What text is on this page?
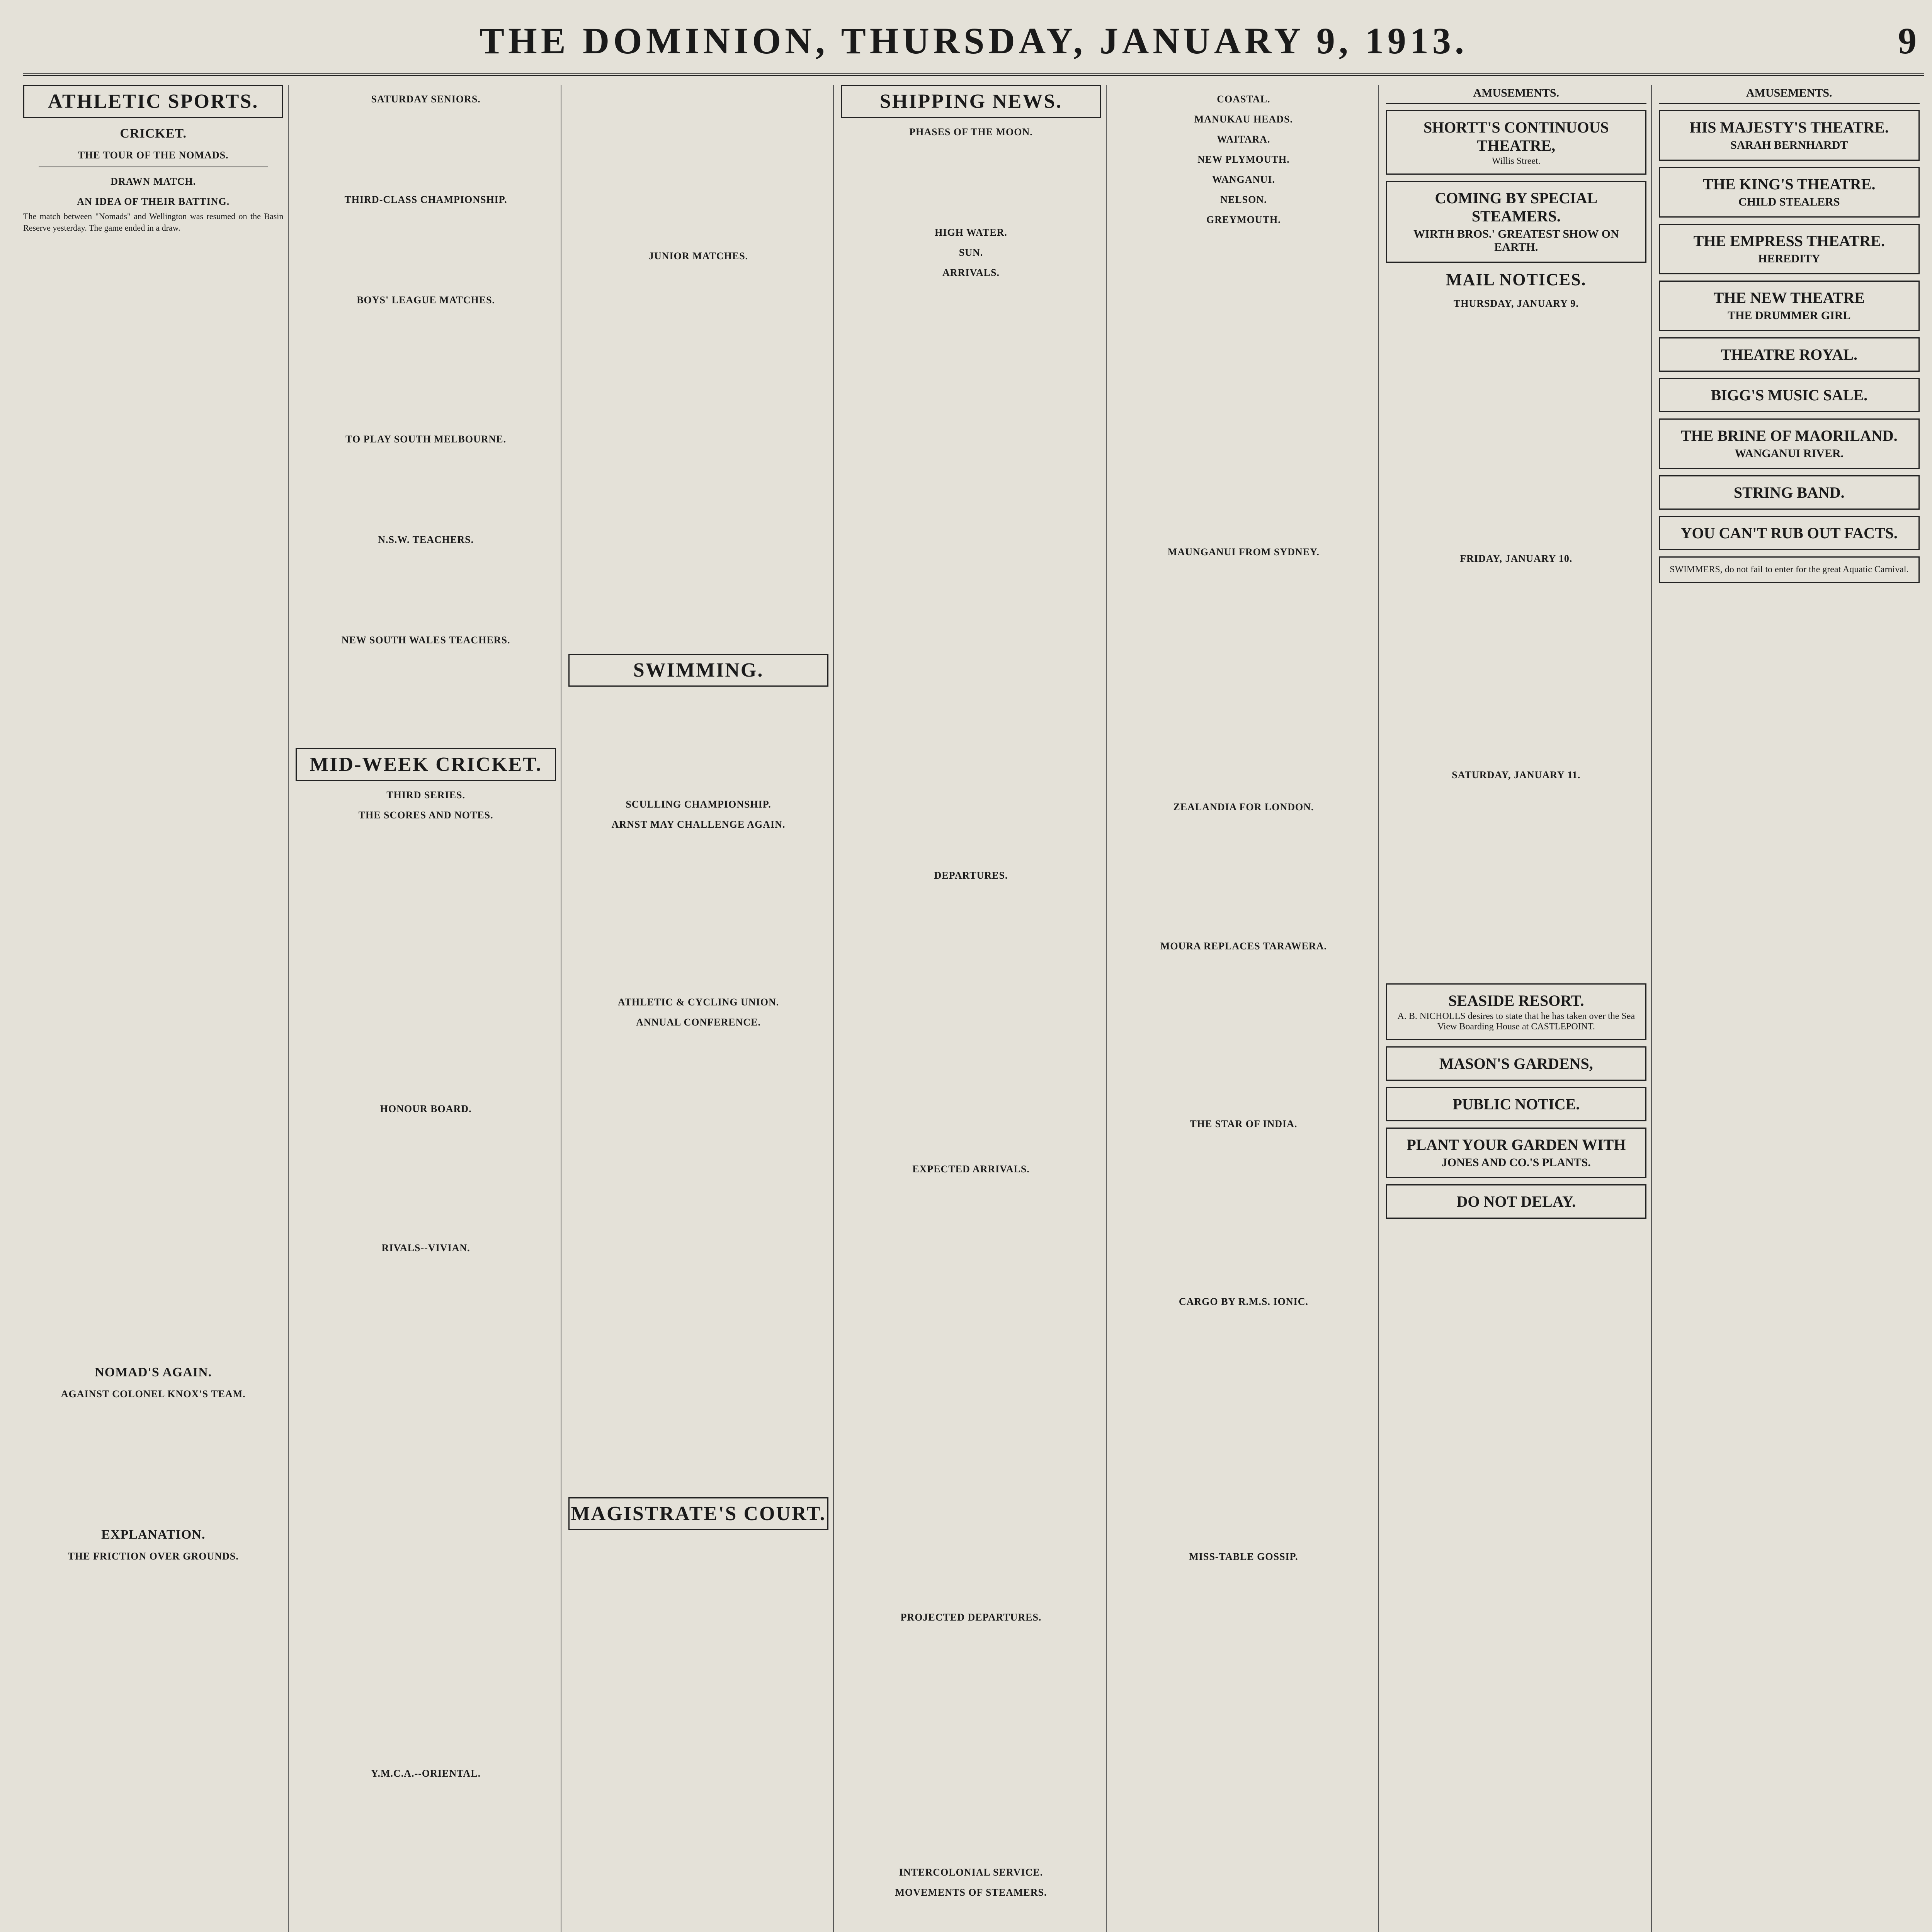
THE DOMINION, THURSDAY, JANUARY 9, 1913.	9
ATHLETIC SPORTS.
CRICKET.
THE TOUR OF THE NOMADS.
DRAWN MATCH.
AN IDEA OF THEIR BATTING.
The match between "Nomads" and Wellington was resumed on the Basin Reserve yesterday. The game ended in a draw.
NOMAD'S AGAIN.
AGAINST COLONEL KNOX'S TEAM.
EXPLANATION.
THE FRICTION OVER GROUNDS.
SATURDAY SENIORS.
THIRD-CLASS CHAMPIONSHIP.
BOYS' LEAGUE MATCHES.
TO PLAY SOUTH MELBOURNE.
N.S.W. TEACHERS.
NEW SOUTH WALES TEACHERS.
MID-WEEK CRICKET.
THIRD SERIES.
THE SCORES AND NOTES.
HONOUR BOARD.
RIVALS--VIVIAN.
Y.M.C.A.--ORIENTAL.
JUNIOR MATCHES.
SWIMMING.
SCULLING CHAMPIONSHIP.
ARNST MAY CHALLENGE AGAIN.
ATHLETIC & CYCLING UNION.
ANNUAL CONFERENCE.
MAGISTRATE'S COURT.
SHIPPING NEWS.
PHASES OF THE MOON.
HIGH WATER.
SUN.
ARRIVALS.
DEPARTURES.
EXPECTED ARRIVALS.
PROJECTED DEPARTURES.
INTERCOLONIAL SERVICE.
MOVEMENTS OF STEAMERS.
COASTAL.
MANUKAU HEADS.
WAITARA.
NEW PLYMOUTH.
WANGANUI.
NELSON.
GREYMOUTH.
MAUNGANUI FROM SYDNEY.
ZEALANDIA FOR LONDON.
MOURA REPLACES TARAWERA.
THE STAR OF INDIA.
CARGO BY R.M.S. IONIC.
MISS-TABLE GOSSIP.
AMUSEMENTS.
SHORTT'S CONTINUOUS THEATRE,
Willis Street.
COMING BY SPECIAL STEAMERS.
WIRTH BROS.' GREATEST SHOW ON EARTH.
MAIL NOTICES.
THURSDAY, JANUARY 9.
FRIDAY, JANUARY 10.
SATURDAY, JANUARY 11.
SEASIDE RESORT.
A. B. NICHOLLS desires to state that he has taken over the Sea View Boarding House at CASTLEPOINT.
MASON'S GARDENS,
PUBLIC NOTICE.
PLANT YOUR GARDEN WITH
JONES AND CO.'S PLANTS.
DO NOT DELAY.
AMUSEMENTS.
HIS MAJESTY'S THEATRE.
SARAH BERNHARDT
THE KING'S THEATRE.
CHILD STEALERS
THE EMPRESS THEATRE.
HEREDITY
THE NEW THEATRE
THE DRUMMER GIRL
THEATRE ROYAL.
BIGG'S MUSIC SALE.
THE BRINE OF MAORILAND.
WANGANUI RIVER.
STRING BAND.
YOU CAN'T RUB OUT FACTS.
SWIMMERS, do not fail to enter for the great Aquatic Carnival.
